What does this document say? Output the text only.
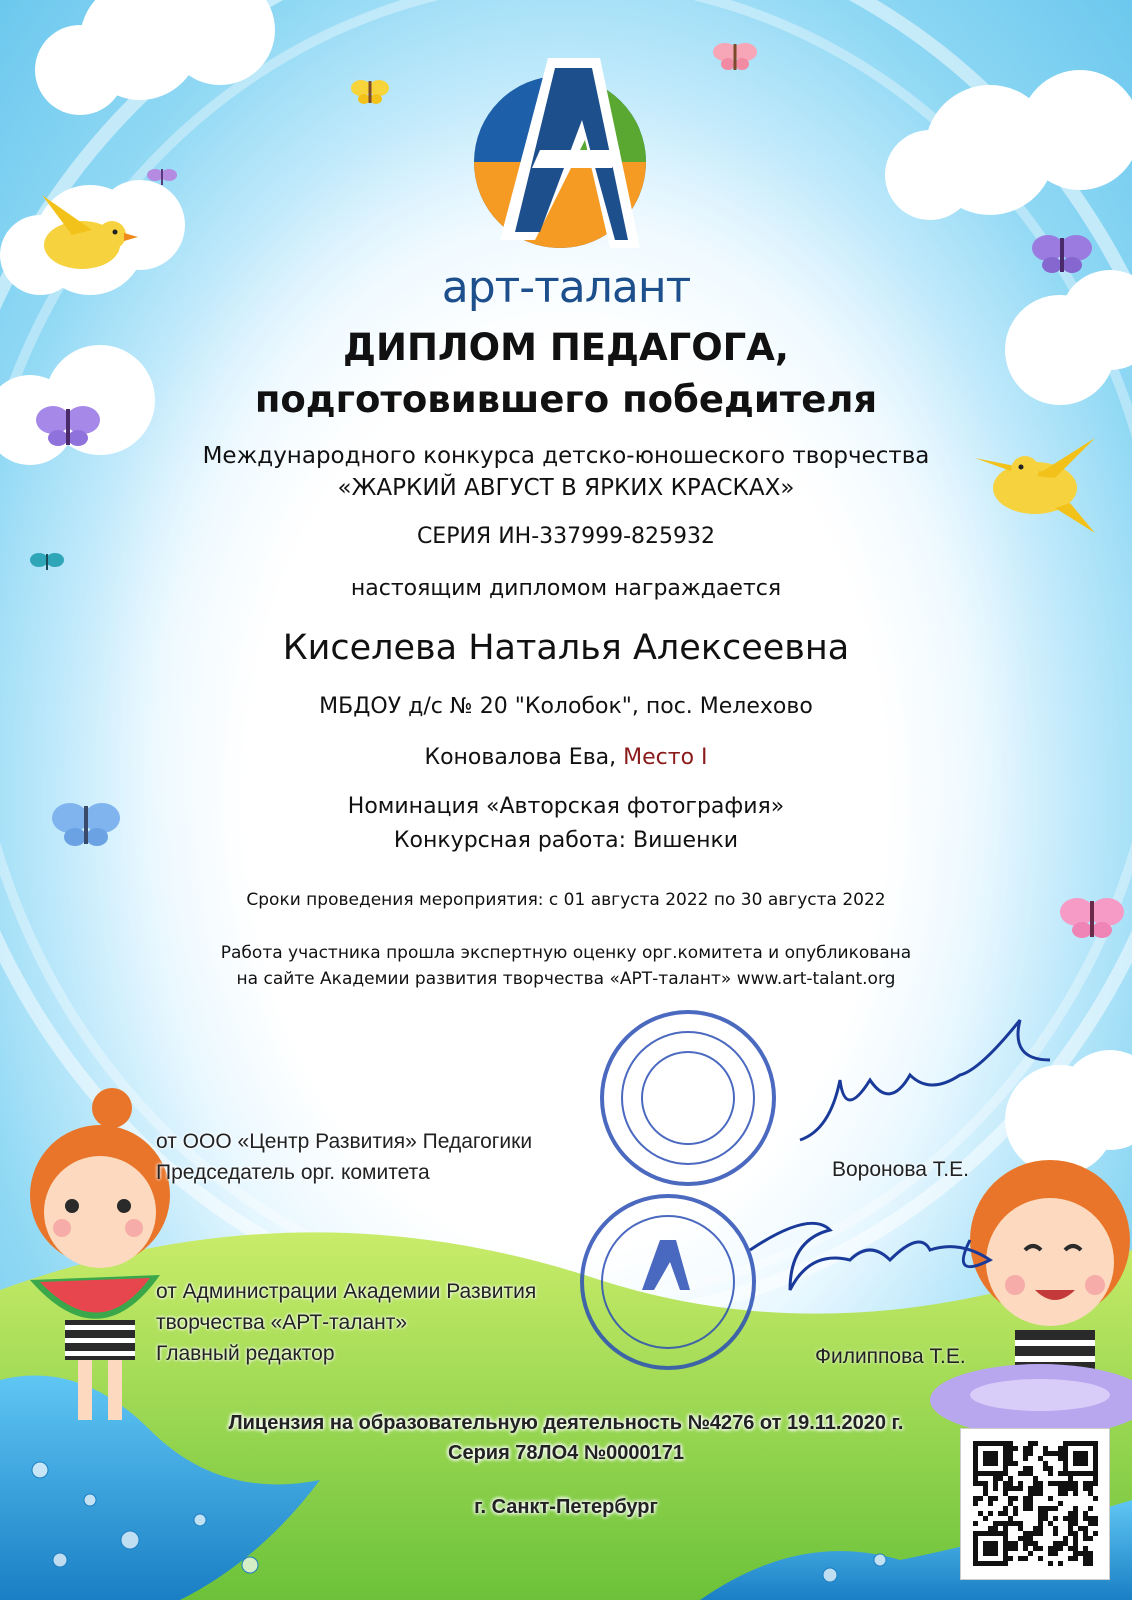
арт-талант
ДИПЛОМ ПЕДАГОГА,
подготовившего победителя
Международного конкурса детско-юношеского творчества
«ЖАРКИЙ АВГУСТ В ЯРКИХ КРАСКАХ»
СЕРИЯ ИН-337999-825932
настоящим дипломом награждается
Киселева Наталья Алексеевна
МБДОУ д/с № 20 "Колобок", пос. Мелехово
Коновалова Ева, Место I
Номинация «Авторская фотография»
Конкурсная работа: Вишенки
Сроки проведения мероприятия: с 01 августа 2022 по 30 августа 2022
Работа участника прошла экспертную оценку орг.комитета и опубликована
на сайте Академии развития творчества «АРТ-талант» www.art-talant.org
от ООО «Центр Развития» Педагогики
Председатель орг. комитета	Воронова Т.Е.
от Администрации Академии Развития
творчества «АРТ-талант»
Главный редактор	Филиппова Т.Е.
Лицензия на образовательную деятельность №4276 от 19.11.2020 г.
Серия 78ЛО4 №0000171
г. Санкт-Петербург
